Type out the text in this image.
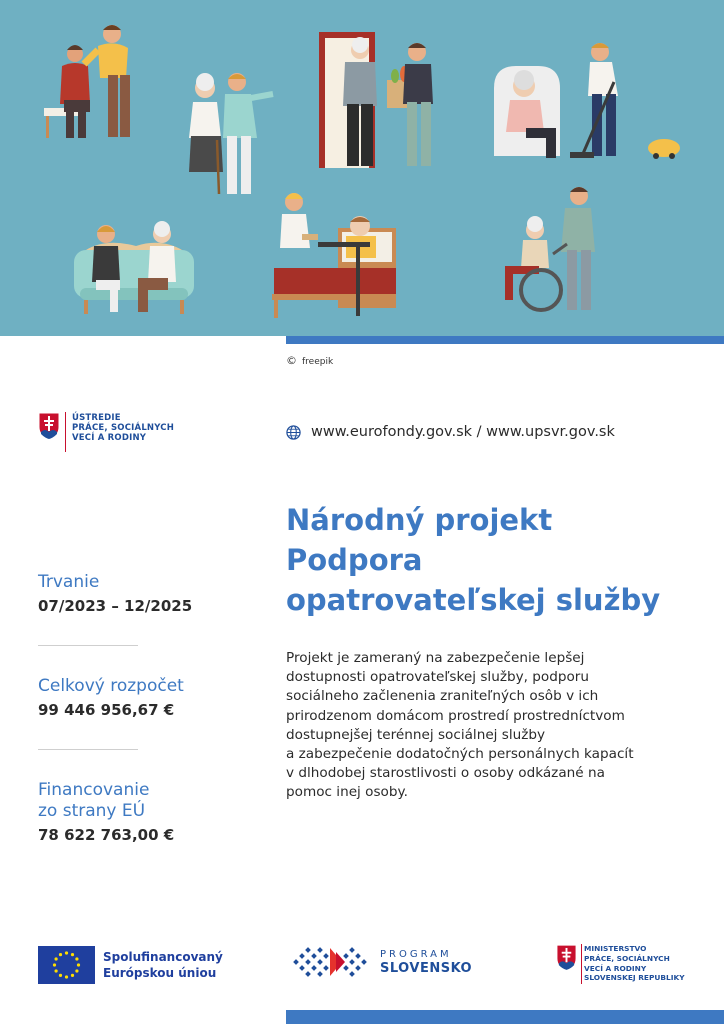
© freepik
ÚSTREDIE
PRÁCE, SOCIÁLNYCH
VECÍ A RODINY	www.eurofondy.gov.sk / www.upsvr.gov.sk
Národný projekt
Podpora
opatrovateľskej služby
Projekt je zameraný na zabezpečenie lepšej
dostupnosti opatrovateľskej služby, podporu
sociálneho začlenenia zraniteľných osôb v ich
prirodzenom domácom prostredí prostredníctvom
dostupnejšej terénnej sociálnej služby
a zabezpečenie dodatočných personálnych kapacít
v dlhodobej starostlivosti o osoby odkázané na
pomoc inej osoby.
Trvanie
07/2023 – 12/2025
Celkový rozpočet
99 446 956,67 €
Financovanie
zo strany EÚ
78 622 763,00 €
Spolufinancovaný
Európskou úniou
PROGRAM
SLOVENSKO
MINISTERSTVO
PRÁCE, SOCIÁLNYCH
VECÍ A RODINY
SLOVENSKEJ REPUBLIKY
